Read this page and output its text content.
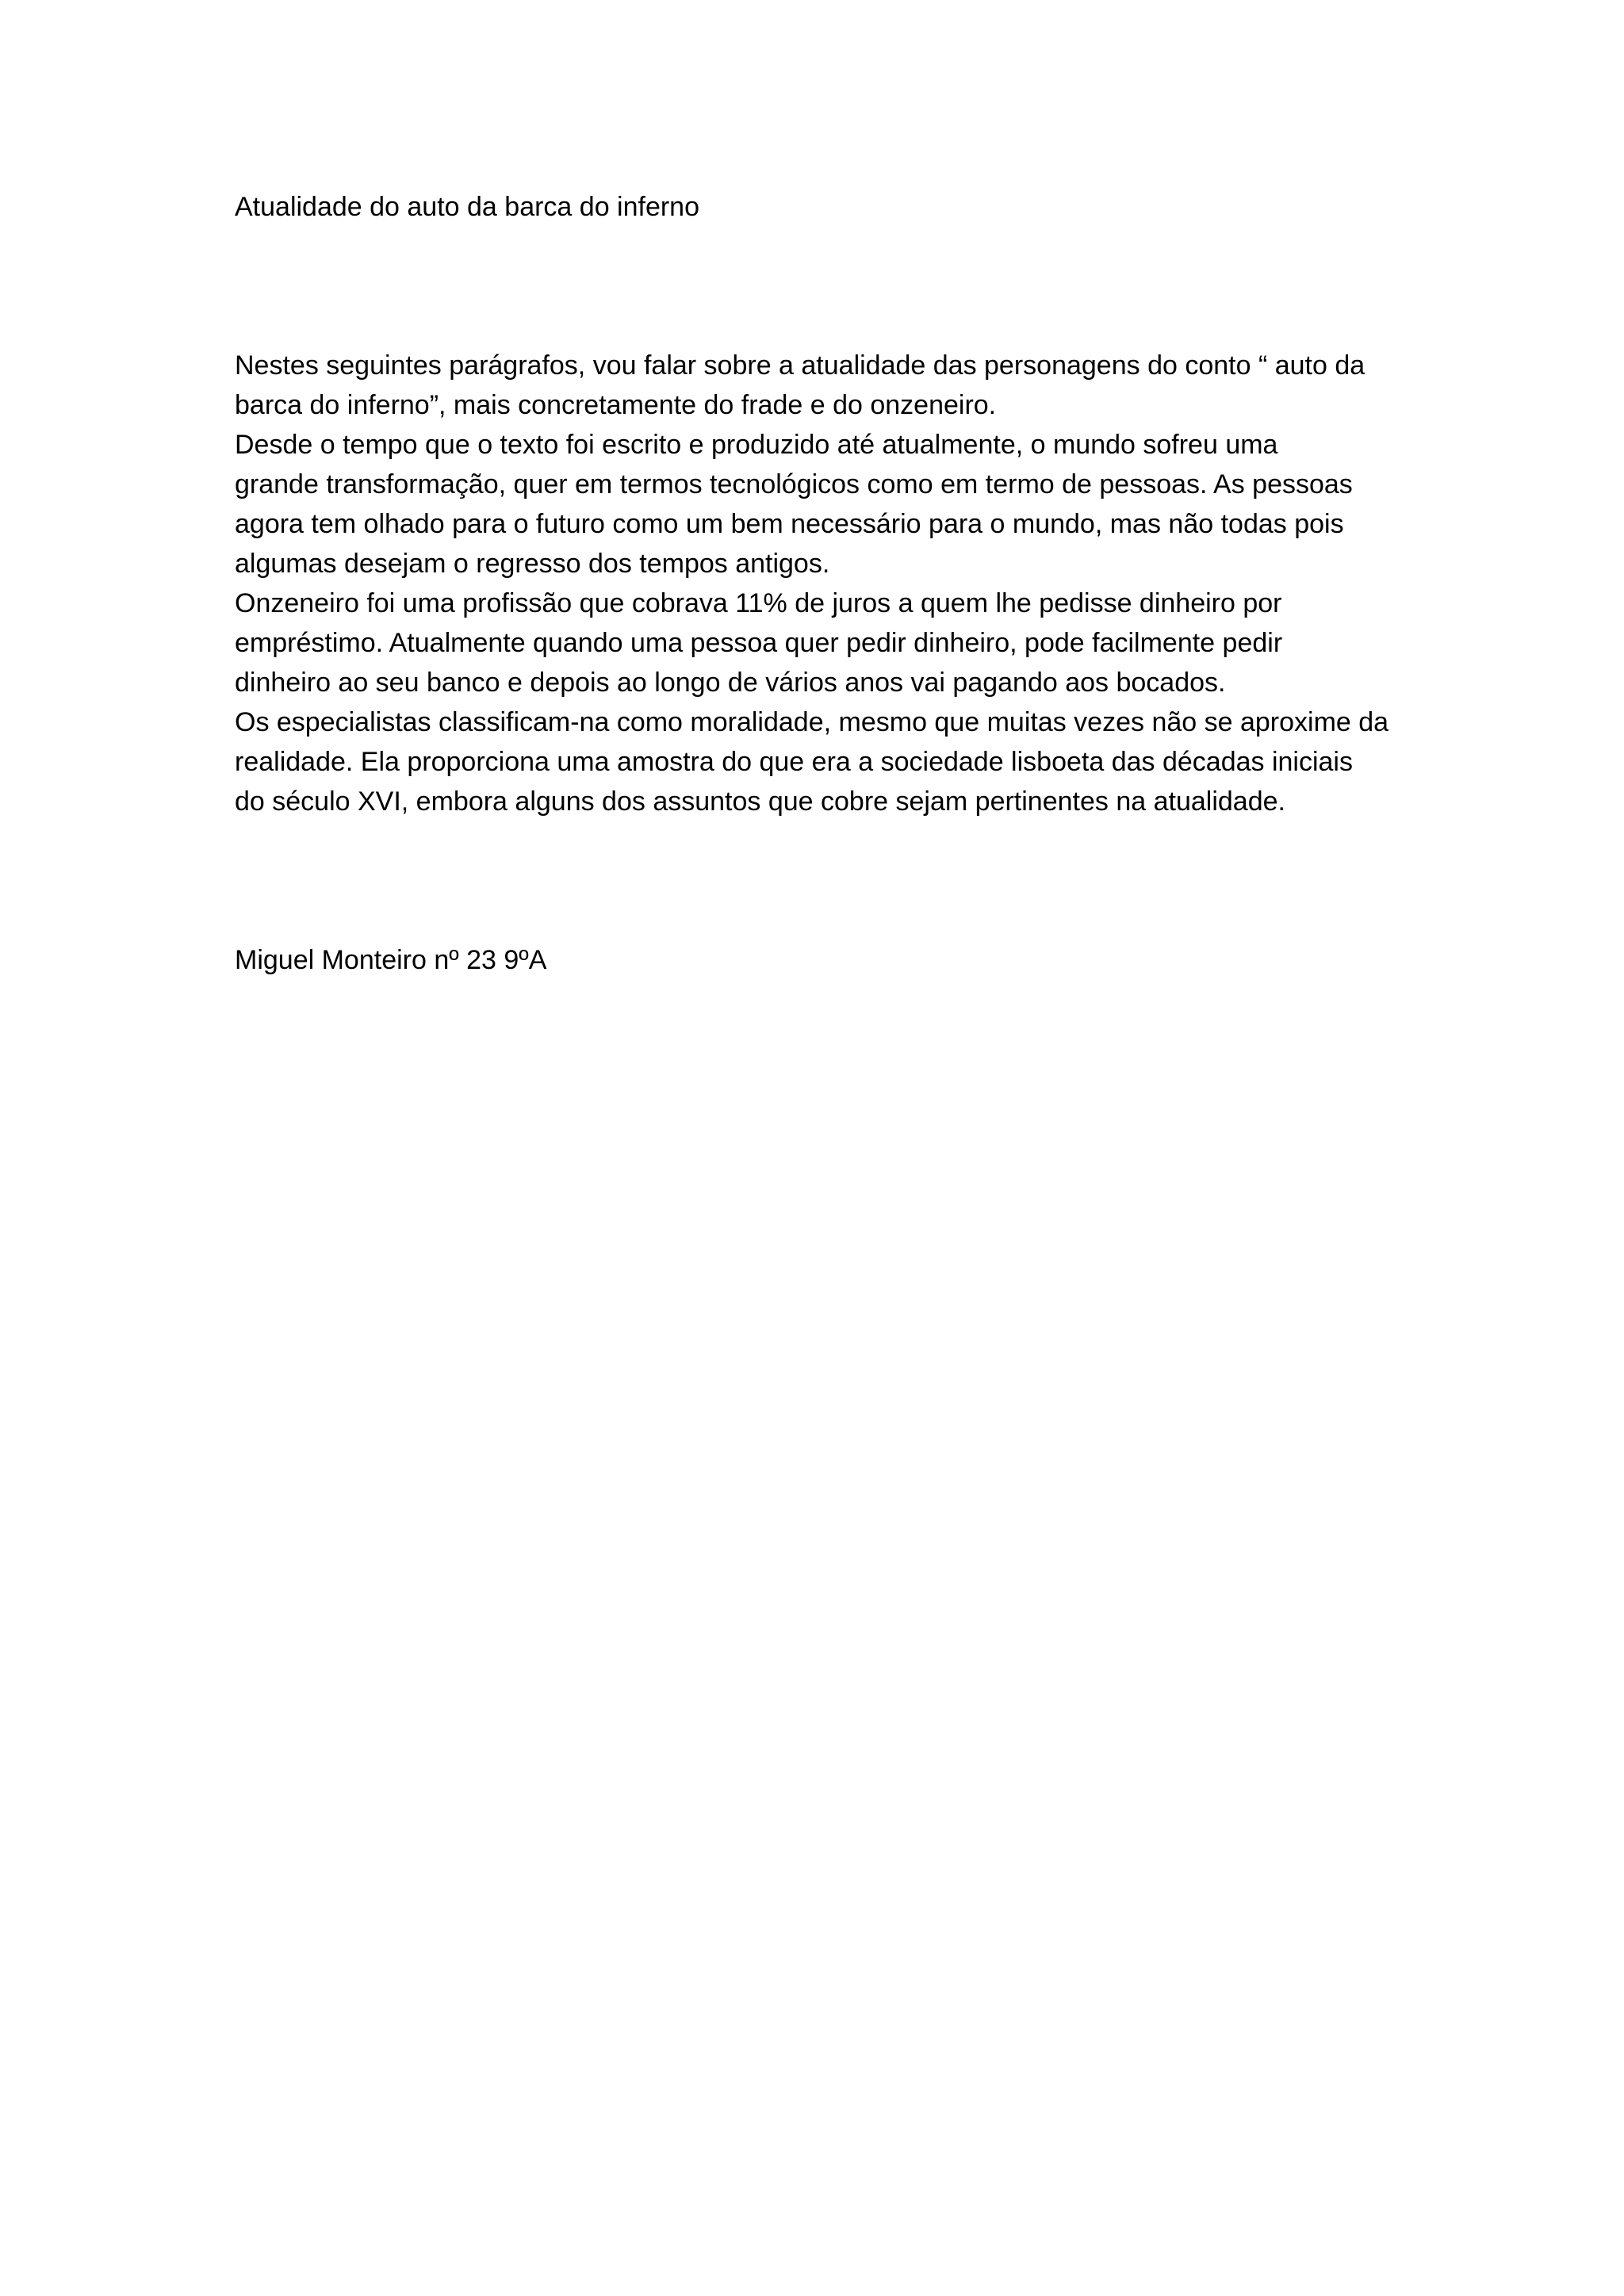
Atualidade do auto da barca do inferno

Nestes seguintes parágrafos, vou falar sobre a atualidade das personagens do conto “ auto da
barca do inferno”, mais concretamente do frade e do onzeneiro.

Desde o tempo que o texto foi escrito e produzido até atualmente, o mundo sofreu uma
grande transformação, quer em termos tecnológicos como em termo de pessoas. As pessoas
agora tem olhado para o futuro como um bem necessário para o mundo, mas não todas pois
algumas desejam o regresso dos tempos antigos.

Onzeneiro foi uma profissão que cobrava 11% de juros a quem lhe pedisse dinheiro por
empréstimo. Atualmente quando uma pessoa quer pedir dinheiro, pode facilmente pedir
dinheiro ao seu banco e depois ao longo de vários anos vai pagando aos bocados.

Os especialistas classificam-na como moralidade, mesmo que muitas vezes não se aproxime da
realidade. Ela proporciona uma amostra do que era a sociedade lisboeta das décadas iniciais
do século XVI, embora alguns dos assuntos que cobre sejam pertinentes na atualidade.

Miguel Monteiro nº 23 9ºA
